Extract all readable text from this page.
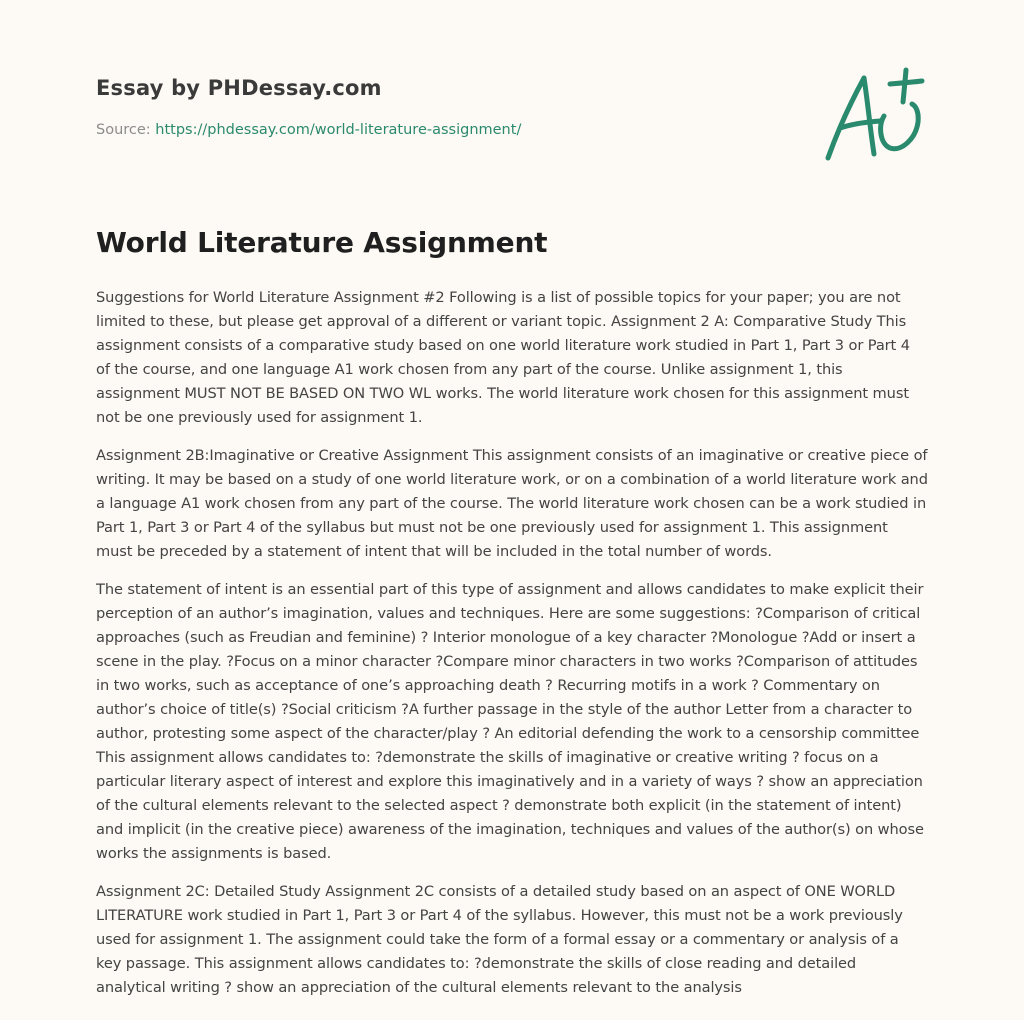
Essay by PHDessay.com
Source: https://phdessay.com/world-literature-assignment/
World Literature Assignment

Suggestions for World Literature Assignment #2 Following is a list of possible topics for your paper; you are not limited to these, but please get approval of a different or variant topic. Assignment 2 A: Comparative Study This assignment consists of a comparative study based on one world literature work studied in Part 1, Part 3 or Part 4 of the course, and one language A1 work chosen from any part of the course. Unlike assignment 1, this assignment MUST NOT BE BASED ON TWO WL works. The world literature work chosen for this assignment must not be one previously used for assignment 1.

Assignment 2B:Imaginative or Creative Assignment This assignment consists of an imaginative or creative piece of writing. It may be based on a study of one world literature work, or on a combination of a world literature work and a language A1 work chosen from any part of the course. The world literature work chosen can be a work studied in Part 1, Part 3 or Part 4 of the syllabus but must not be one previously used for assignment 1. This assignment must be preceded by a statement of intent that will be included in the total number of words.

The statement of intent is an essential part of this type of assignment and allows candidates to make explicit their perception of an author’s imagination, values and techniques. Here are some suggestions: ?Comparison of critical approaches (such as Freudian and feminine) ? Interior monologue of a key character ?Monologue ?Add or insert a scene in the play. ?Focus on a minor character ?Compare minor characters in two works ?Comparison of attitudes in two works, such as acceptance of one’s approaching death ? Recurring motifs in a work ? Commentary on author’s choice of title(s) ?Social criticism ?A further passage in the style of the author Letter from a character to author, protesting some aspect of the character/play ? An editorial defending the work to a censorship committee This assignment allows candidates to: ?demonstrate the skills of imaginative or creative writing ? focus on a particular literary aspect of interest and explore this imaginatively and in a variety of ways ? show an appreciation of the cultural elements relevant to the selected aspect ? demonstrate both explicit (in the statement of intent) and implicit (in the creative piece) awareness of the imagination, techniques and values of the author(s) on whose works the assignments is based.

Assignment 2C: Detailed Study Assignment 2C consists of a detailed study based on an aspect of ONE WORLD LITERATURE work studied in Part 1, Part 3 or Part 4 of the syllabus. However, this must not be a work previously used for assignment 1. The assignment could take the form of a formal essay or a commentary or analysis of a key passage. This assignment allows candidates to: ?demonstrate the skills of close reading and detailed analytical writing ? show an appreciation of the cultural elements relevant to the analysis
